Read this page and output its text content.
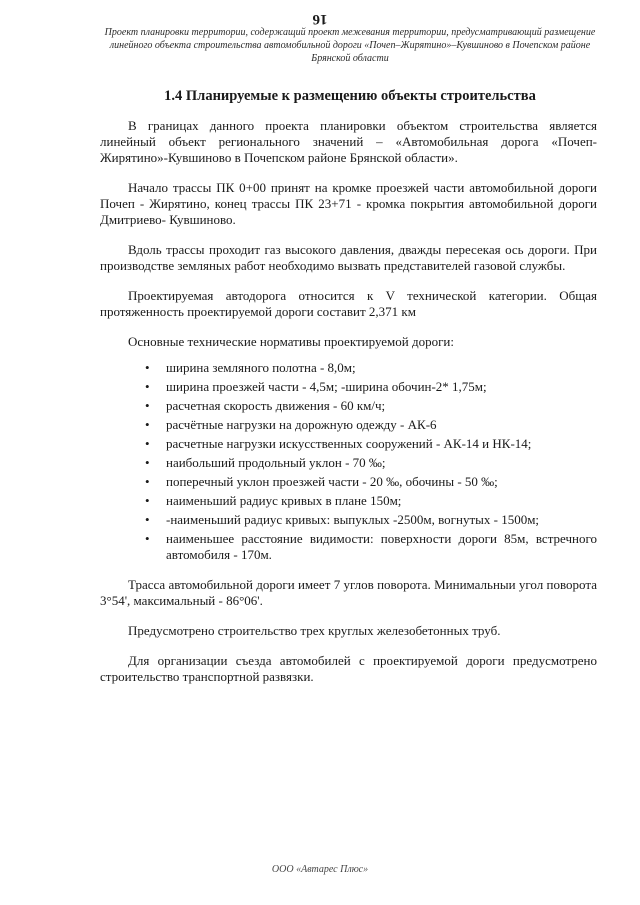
16
Проект планировки территории, содержащий проект межевания территории, предусматривающий размещение линейного объекта строительства автомобильной дороги «Почеп–Жирятино»–Кувшиново в Почепском районе Брянской области
1.4 Планируемые к размещению объекты строительства

В границах данного проекта планировки объектом строительства является линейный объект регионального значений – «Автомобильная дорога «Почеп-Жирятино»-Кувшиново в Почепском районе Брянской области».

Начало трассы ПК 0+00 принят на кромке проезжей части автомобильной дороги Почеп - Жирятино, конец трассы ПК 23+71 - кромка покрытия автомобильной дороги Дмитриево- Кувшиново.

Вдоль трассы проходит газ высокого давления, дважды пересекая ось дороги. При производстве земляных работ необходимо вызвать представителей газовой службы.

Проектируемая автодорога относится к V технической категории. Общая протяженность проектируемой дороги составит 2,371 км

Основные технические нормативы проектируемой дороги:

• ширина земляного полотна - 8,0м;
• ширина проезжей части - 4,5м; -ширина обочин-2* 1,75м;
• расчетная скорость движения - 60 км/ч;
• расчётные нагрузки на дорожную одежду - АК-6
• расчетные нагрузки искусственных сооружений - АК-14 и НК-14;
• наибольший продольный уклон - 70 ‰;
• поперечный уклон проезжей части - 20 ‰, обочины - 50 ‰;
• наименьший радиус кривых в плане 150м;
• -наименьший радиус кривых: выпуклых -2500м, вогнутых - 1500м;
• наименьшее расстояние видимости: поверхности дороги 85м, встречного автомобиля - 170м.

Трасса автомобильной дороги имеет 7 углов поворота. Минимальныи угол поворота 3°54', максимальный - 86°06'.

Предусмотрено строительство трех круглых железобетонных труб.

Для организации съезда автомобилей с проектируемой дороги предусмотрено строительство транспортной развязки.

ООО «Автарес Плюс»
